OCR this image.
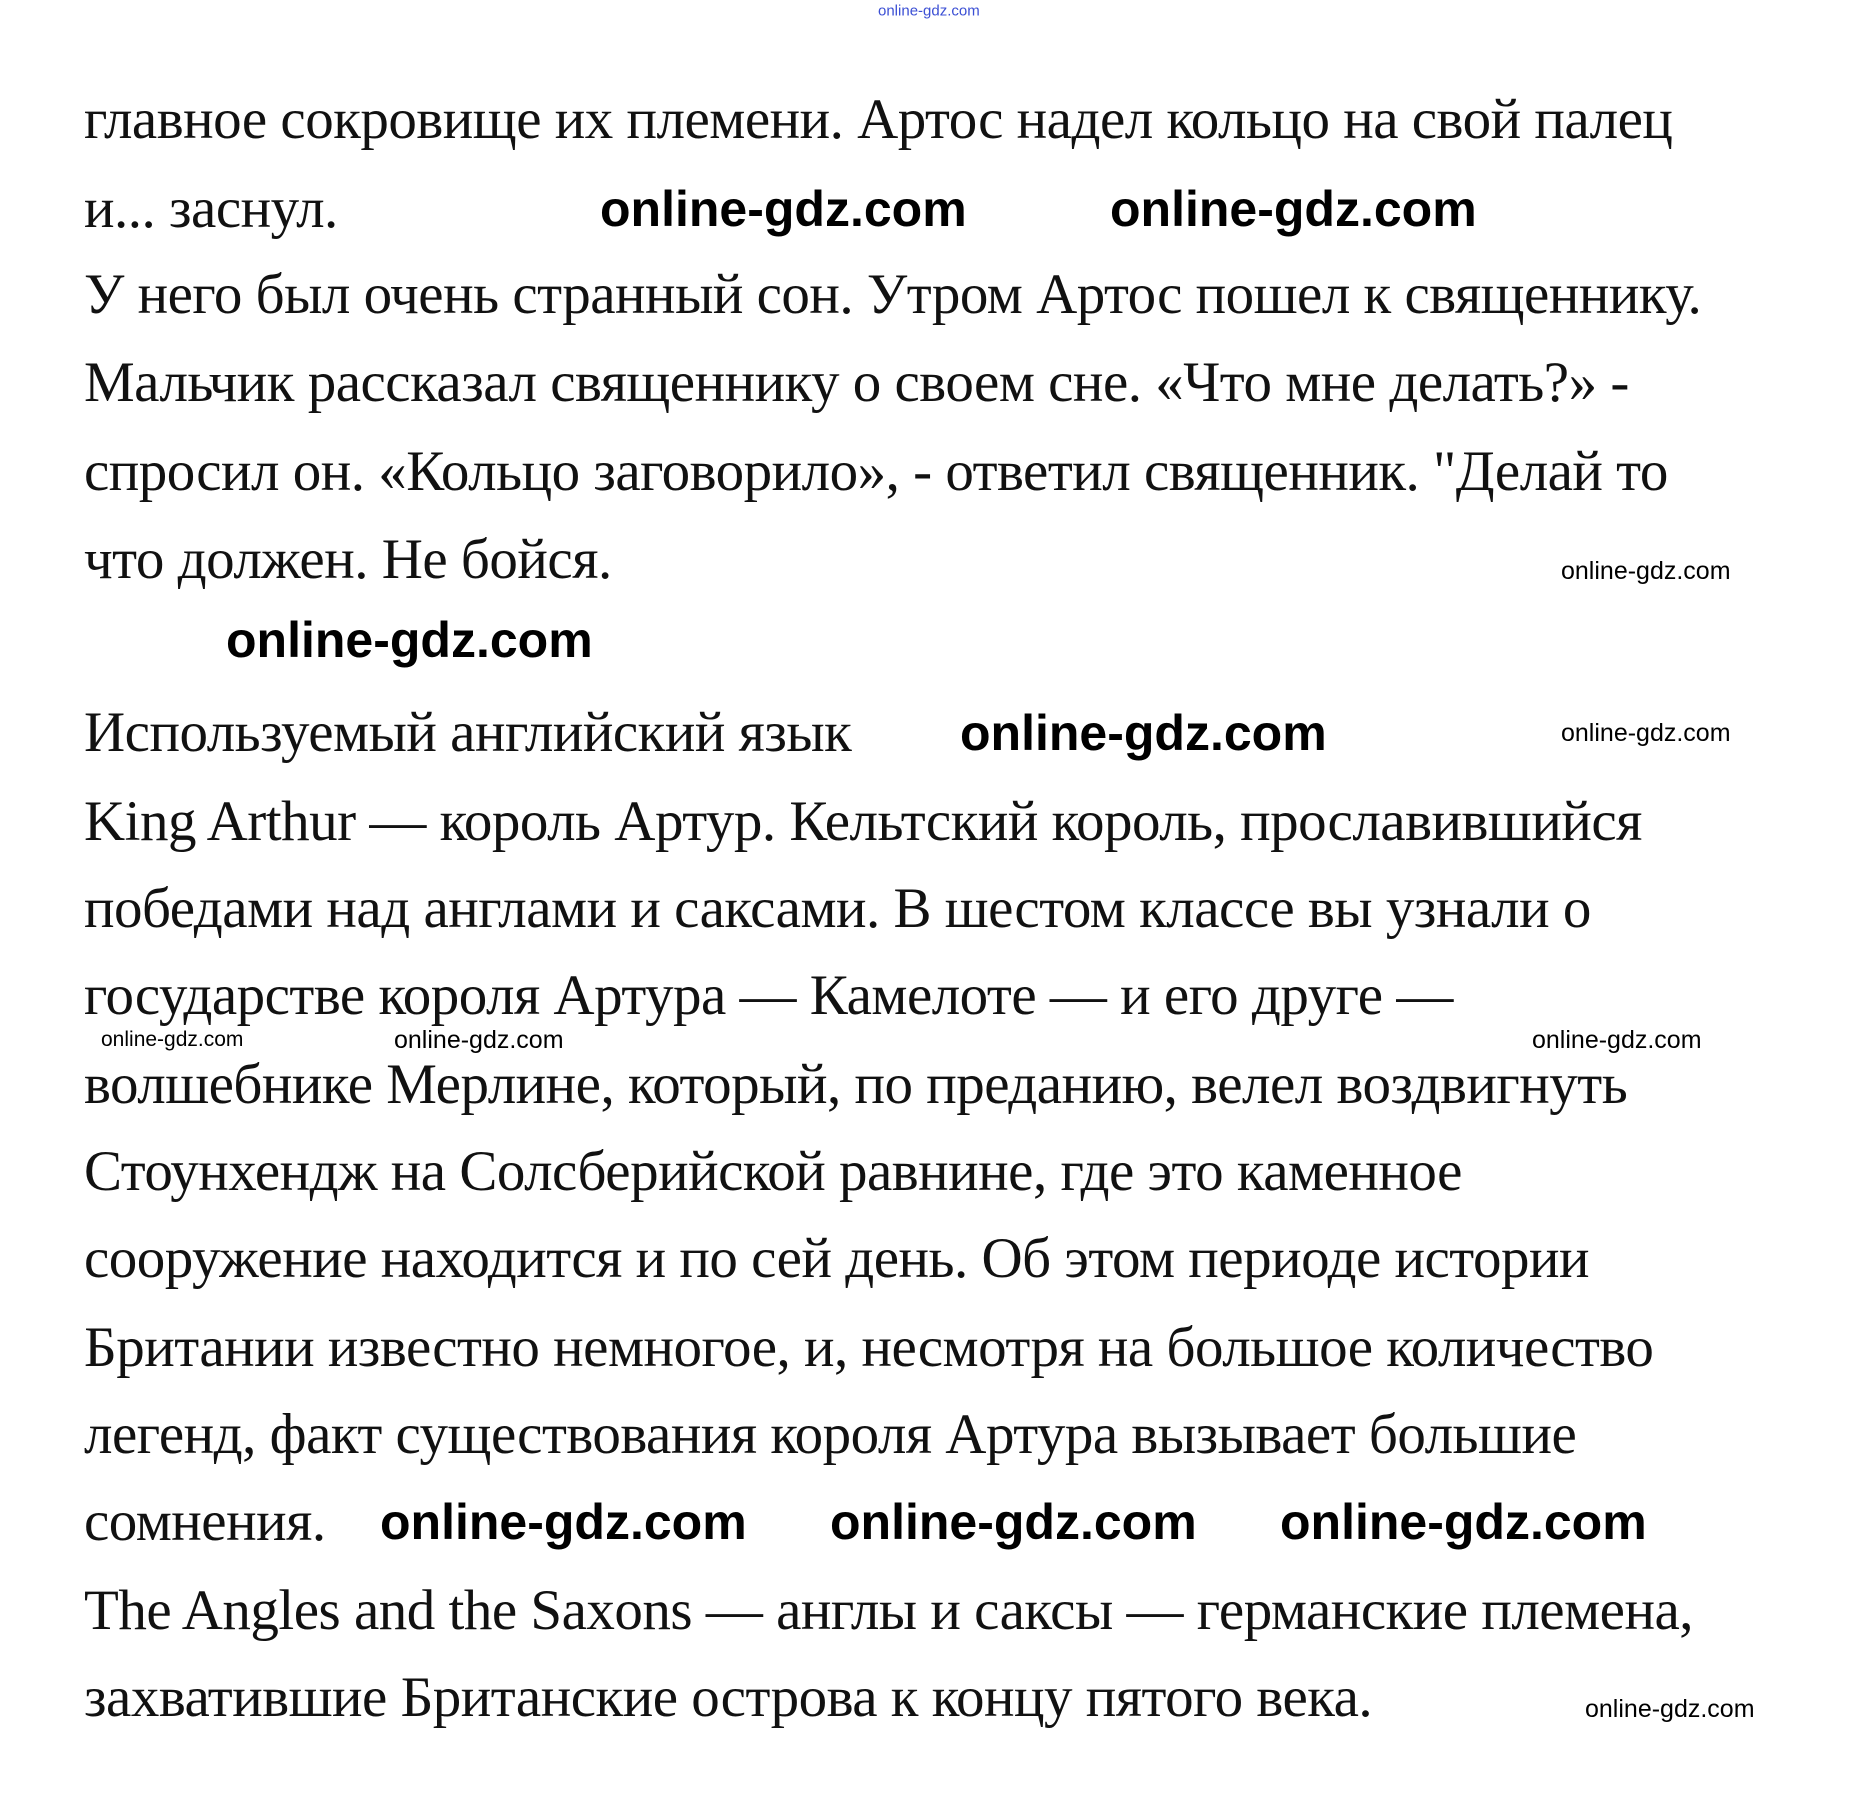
главное сокровище их племени. Артос надел кольцо на свой палец
и... заснул.
У него был очень странный сон. Утром Артос пошел к священнику.
Мальчик рассказал священнику о своем сне. «Что мне делать?» -
спросил он. «Кольцо заговорило», - ответил священник. "Делай то
что должен. Не бойся.
Используемый английский язык
King Arthur — король Артур. Кельтский король, прославившийся
победами над англами и саксами. В шестом классе вы узнали о
государстве короля Артура — Камелоте — и его друге —
волшебнике Мерлине, который, по преданию, велел воздвигнуть
Стоунхендж на Солсберийской равнине, где это каменное
сооружение находится и по сей день. Об этом периоде истории
Британии известно немногое, и, несмотря на большое количество
легенд, факт существования короля Артура вызывает большие
сомнения.
The Angles and the Saxons — англы и саксы — германские племена,
захватившие Британские острова к концу пятого века.
online-gdz.com
online-gdz.com	online-gdz.com
online-gdz.com
online-gdz.com
online-gdz.com online-gdz.com online-gdz.com
online-gdz.com
online-gdz.com
online-gdz.com
online-gdz.com
online-gdz.com
online-gdz.com
